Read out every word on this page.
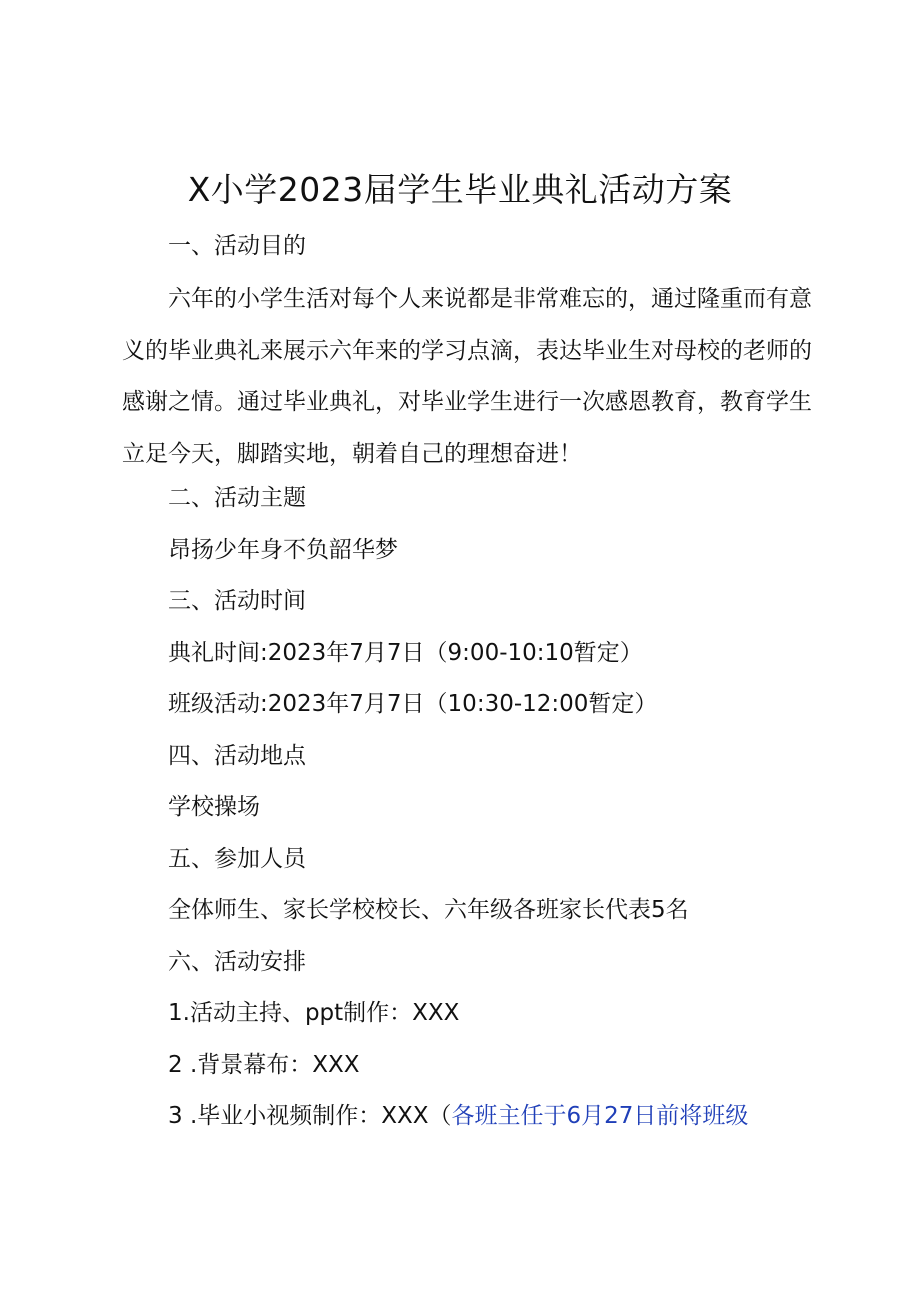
X小学2023届学生毕业典礼活动方案
一、活动目的
六年的小学生活对每个人来说都是非常难忘的，通过隆重而有意义的毕业典礼来展示六年来的学习点滴，表达毕业生对母校的老师的感谢之情。通过毕业典礼，对毕业学生进行一次感恩教育，教育学生立足今天，脚踏实地，朝着自己的理想奋进！
二、活动主题
昂扬少年身不负韶华梦
三、活动时间
典礼时间:2023年7月7日（9:00-10:10暂定）
班级活动:2023年7月7日（10:30-12:00暂定）
四、活动地点
学校操场
五、参加人员
全体师生、家长学校校长、六年级各班家长代表5名
六、活动安排
1.活动主持、ppt制作：XXX
2 .背景幕布：XXX
3 .毕业小视频制作：XXX（各班主任于6月27日前将班级
